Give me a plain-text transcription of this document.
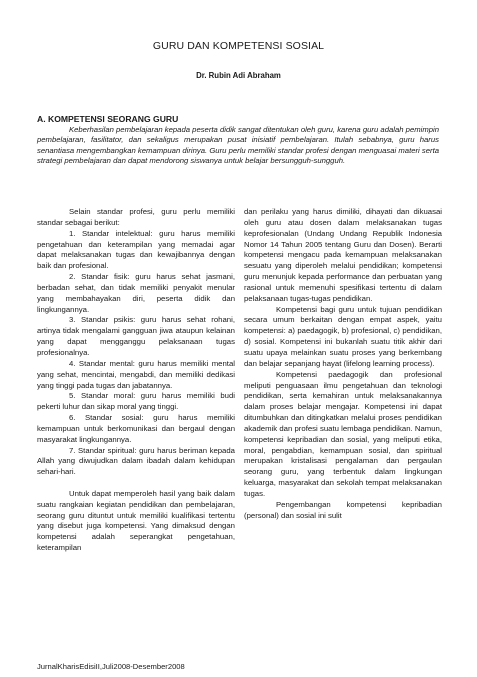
GURU DAN KOMPETENSI SOSIAL
Dr. Rubin Adi Abraham
A. KOMPETENSI SEORANG GURU

Keberhasilan pembelajaran kepada peserta didik sangat ditentukan oleh guru, karena guru adalah pemimpin pembelajaran, fasilitator, dan sekaligus merupakan pusat inisiatif pembelajaran. Itulah sebabnya, guru harus senantiasa mengembangkan kemampuan dirinya. Guru perlu memiliki standar profesi dengan menguasai materi serta strategi pembelajaran dan dapat mendorong siswanya untuk belajar bersungguh-sungguh.

Selain standar profesi, guru perlu memiliki standar sebagai berikut:

1. Standar intelektual: guru harus memiliki pengetahuan dan keterampilan yang memadai agar dapat melaksanakan tugas dan kewajibannya dengan baik dan profesional.

2. Standar fisik: guru harus sehat jasmani, berbadan sehat, dan tidak memiliki penyakit menular yang membahayakan diri, peserta didik dan lingkungannya.

3. Standar psikis: guru harus sehat rohani, artinya tidak mengalami gangguan jiwa ataupun kelainan yang dapat mengganggu pelaksanaan tugas profesionalnya.

4. Standar mental: guru harus memiliki mental yang sehat, mencintai, mengabdi, dan memiliki dedikasi yang tinggi pada tugas dan jabatannya.

5. Standar moral: guru harus memiliki budi pekerti luhur dan sikap moral yang tinggi.

6. Standar sosial: guru harus memiliki kemampuan untuk berkomunikasi dan bergaul dengan masyarakat lingkungannya.

7. Standar spiritual: guru harus beriman kepada Allah yang diwujudkan dalam ibadah dalam kehidupan sehari-hari.

Untuk dapat memperoleh hasil yang baik dalam suatu rangkaian kegiatan pendidikan dan pembelajaran, seorang guru dituntut untuk memiliki kualifikasi tertentu yang disebut juga kompetensi. Yang dimaksud dengan kompetensi adalah seperangkat pengetahuan, keterampilan

dan perilaku yang harus dimiliki, dihayati dan dikuasai oleh guru atau dosen dalam melaksanakan tugas keprofesionalan (Undang Undang Republik Indonesia Nomor 14 Tahun 2005 tentang Guru dan Dosen). Berarti kompetensi mengacu pada kemampuan melaksanakan sesuatu yang diperoleh melalui pendidikan; kompetensi guru menunjuk kepada performance dan perbuatan yang rasional untuk memenuhi spesifikasi tertentu di dalam pelaksanaan tugas-tugas pendidikan.

Kompetensi bagi guru untuk tujuan pendidikan secara umum berkaitan dengan empat aspek, yaitu kompetensi: a) paedagogik, b) profesional, c) pendidikan, d) sosial. Kompetensi ini bukanlah suatu titik akhir dari suatu upaya melainkan suatu proses yang berkembang dan belajar sepanjang hayat (lifelong learning process).

Kompetensi paedagogik dan profesional meliputi penguasaan ilmu pengetahuan dan teknologi pendidikan, serta kemahiran untuk melaksanakannya dalam proses belajar mengajar. Kompetensi ini dapat ditumbuhkan dan ditingkatkan melalui proses pendidikan akademik dan profesi suatu lembaga pendidikan. Namun, kompetensi kepribadian dan sosial, yang meliputi etika, moral, pengabdian, kemampuan sosial, dan spiritual merupakan kristalisasi pengalaman dan pergaulan seorang guru, yang terbentuk dalam lingkungan keluarga, masyarakat dan sekolah tempat melaksanakan tugas.

Pengembangan kompetensi kepribadian (personal) dan sosial ini sulit

JurnalKharisEdisiII,Juli2008-Desember2008
